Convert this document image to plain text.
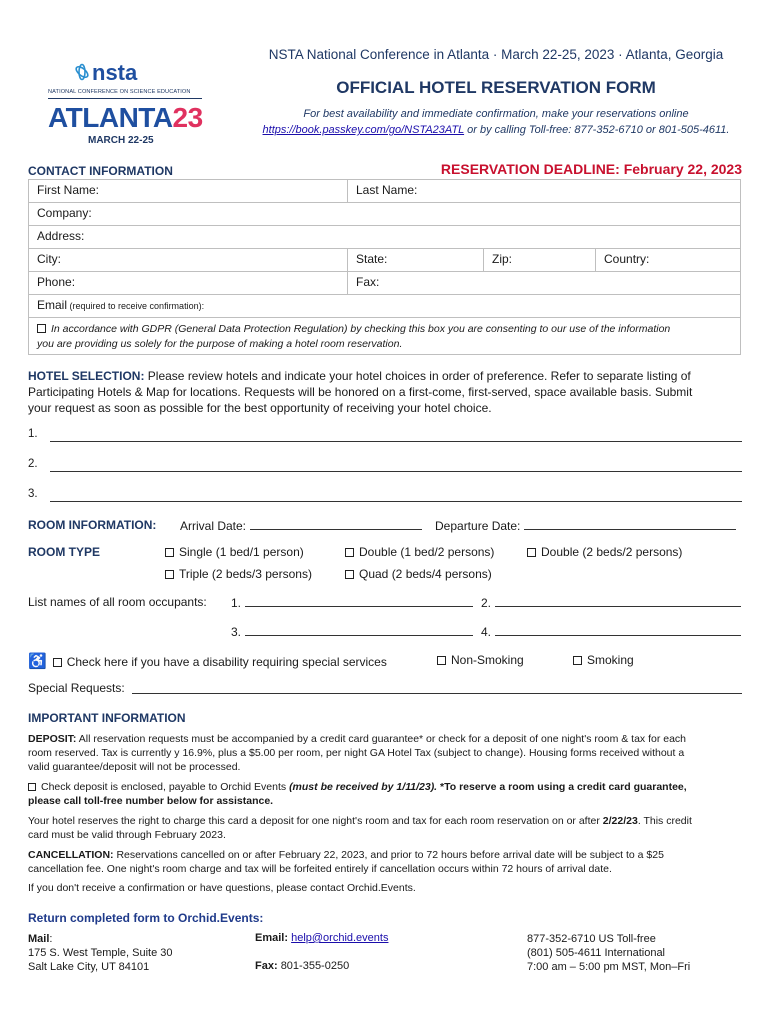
nsta
NATIONAL CONFERENCE ON SCIENCE EDUCATION
ATLANTA23
MARCH 22-25
NSTA National Conference in Atlanta · March 22-25, 2023 · Atlanta, Georgia
OFFICIAL HOTEL RESERVATION FORM
For best availability and immediate confirmation, make your reservations online
https://book.passkey.com/go/NSTA23ATL or by calling Toll-free: 877-352-6710 or 801-505-4611.
CONTACT INFORMATION	RESERVATION DEADLINE: February 22, 2023
First Name:	Last Name:
Company:
Address:
City:	State:	Zip:	Country:
Phone:	Fax:
Email (required to receive confirmation):
In accordance with GDPR (General Data Protection Regulation) by checking this box you are consenting to our use of the information
you are providing us solely for the purpose of making a hotel room reservation.
HOTEL SELECTION: Please review hotels and indicate your hotel choices in order of preference. Refer to separate listing of
Participating Hotels & Map for locations. Requests will be honored on a first-come, first-served, space available basis. Submit
your request as soon as possible for the best opportunity of receiving your hotel choice.
1.
2.
3.
ROOM INFORMATION: Arrival Date:	Departure Date:
ROOM TYPE	Single (1 bed/1 person)	Double (1 bed/2 persons)	Double (2 beds/2 persons)
Triple (2 beds/3 persons)	Quad (2 beds/4 persons)
List names of all room occupants: 1.	2.
3.	4.
♿ Check here if you have a disability requiring special services	Non-Smoking	Smoking
Special Requests:
IMPORTANT INFORMATION
DEPOSIT: All reservation requests must be accompanied by a credit card guarantee* or check for a deposit of one night's room & tax for each
room reserved. Tax is currently y 16.9%, plus a $5.00 per room, per night GA Hotel Tax (subject to change). Housing forms received without a
valid guarantee/deposit will not be processed.
Check deposit is enclosed, payable to Orchid Events (must be received by 1/11/23). *To reserve a room using a credit card guarantee,
please call toll-free number below for assistance.
Your hotel reserves the right to charge this card a deposit for one night's room and tax for each room reservation on or after 2/22/23. This credit
card must be valid through February 2023.
CANCELLATION: Reservations cancelled on or after February 22, 2023, and prior to 72 hours before arrival date will be subject to a $25
cancellation fee. One night's room charge and tax will be forfeited entirely if cancellation occurs within 72 hours of arrival date.
If you don't receive a confirmation or have questions, please contact Orchid.Events.
Return completed form to Orchid.Events:
Mail:
175 S. West Temple, Suite 30
Salt Lake City, UT 84101
Email: help@orchid.events
Fax: 801-355-0250
877-352-6710 US Toll-free
(801) 505-4611 International
7:00 am – 5:00 pm MST, Mon–Fri
